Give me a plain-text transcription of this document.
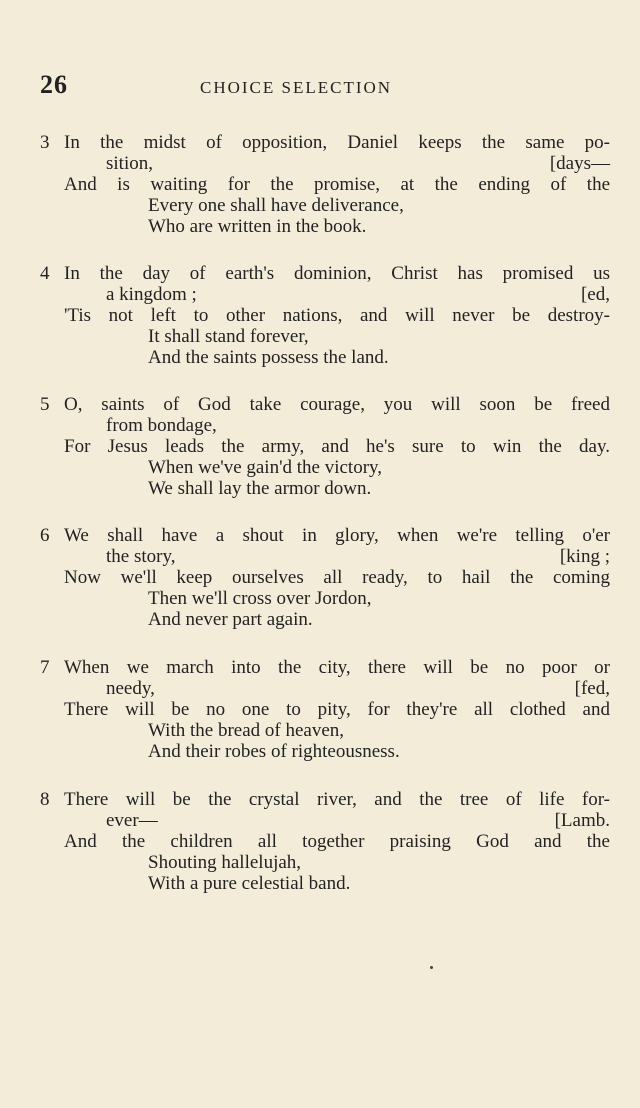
26	CHOICE SELECTION
3 In the midst of opposition, Daniel keeps the same po-
sition,	[days—
And is waiting for the promise, at the ending of the
Every one shall have deliverance,
Who are written in the book.
4 In the day of earth's dominion, Christ has promised us
a kingdom ;	[ed,
'Tis not left to other nations, and will never be destroy-
It shall stand forever,
And the saints possess the land.
5 O, saints of God take courage, you will soon be freed
from bondage,
For Jesus leads the army, and he's sure to win the day.
When we've gain'd the victory,
We shall lay the armor down.
6 We shall have a shout in glory, when we're telling o'er
the story,	[king ;
Now we'll keep ourselves all ready, to hail the coming
Then we'll cross over Jordon,
And never part again.
7 When we march into the city, there will be no poor or
needy,	[fed,
There will be no one to pity, for they're all clothed and
With the bread of heaven,
And their robes of righteousness.
8 There will be the crystal river, and the tree of life for-
ever—	[Lamb.
And the children all together praising God and the
Shouting hallelujah,
With a pure celestial band.
